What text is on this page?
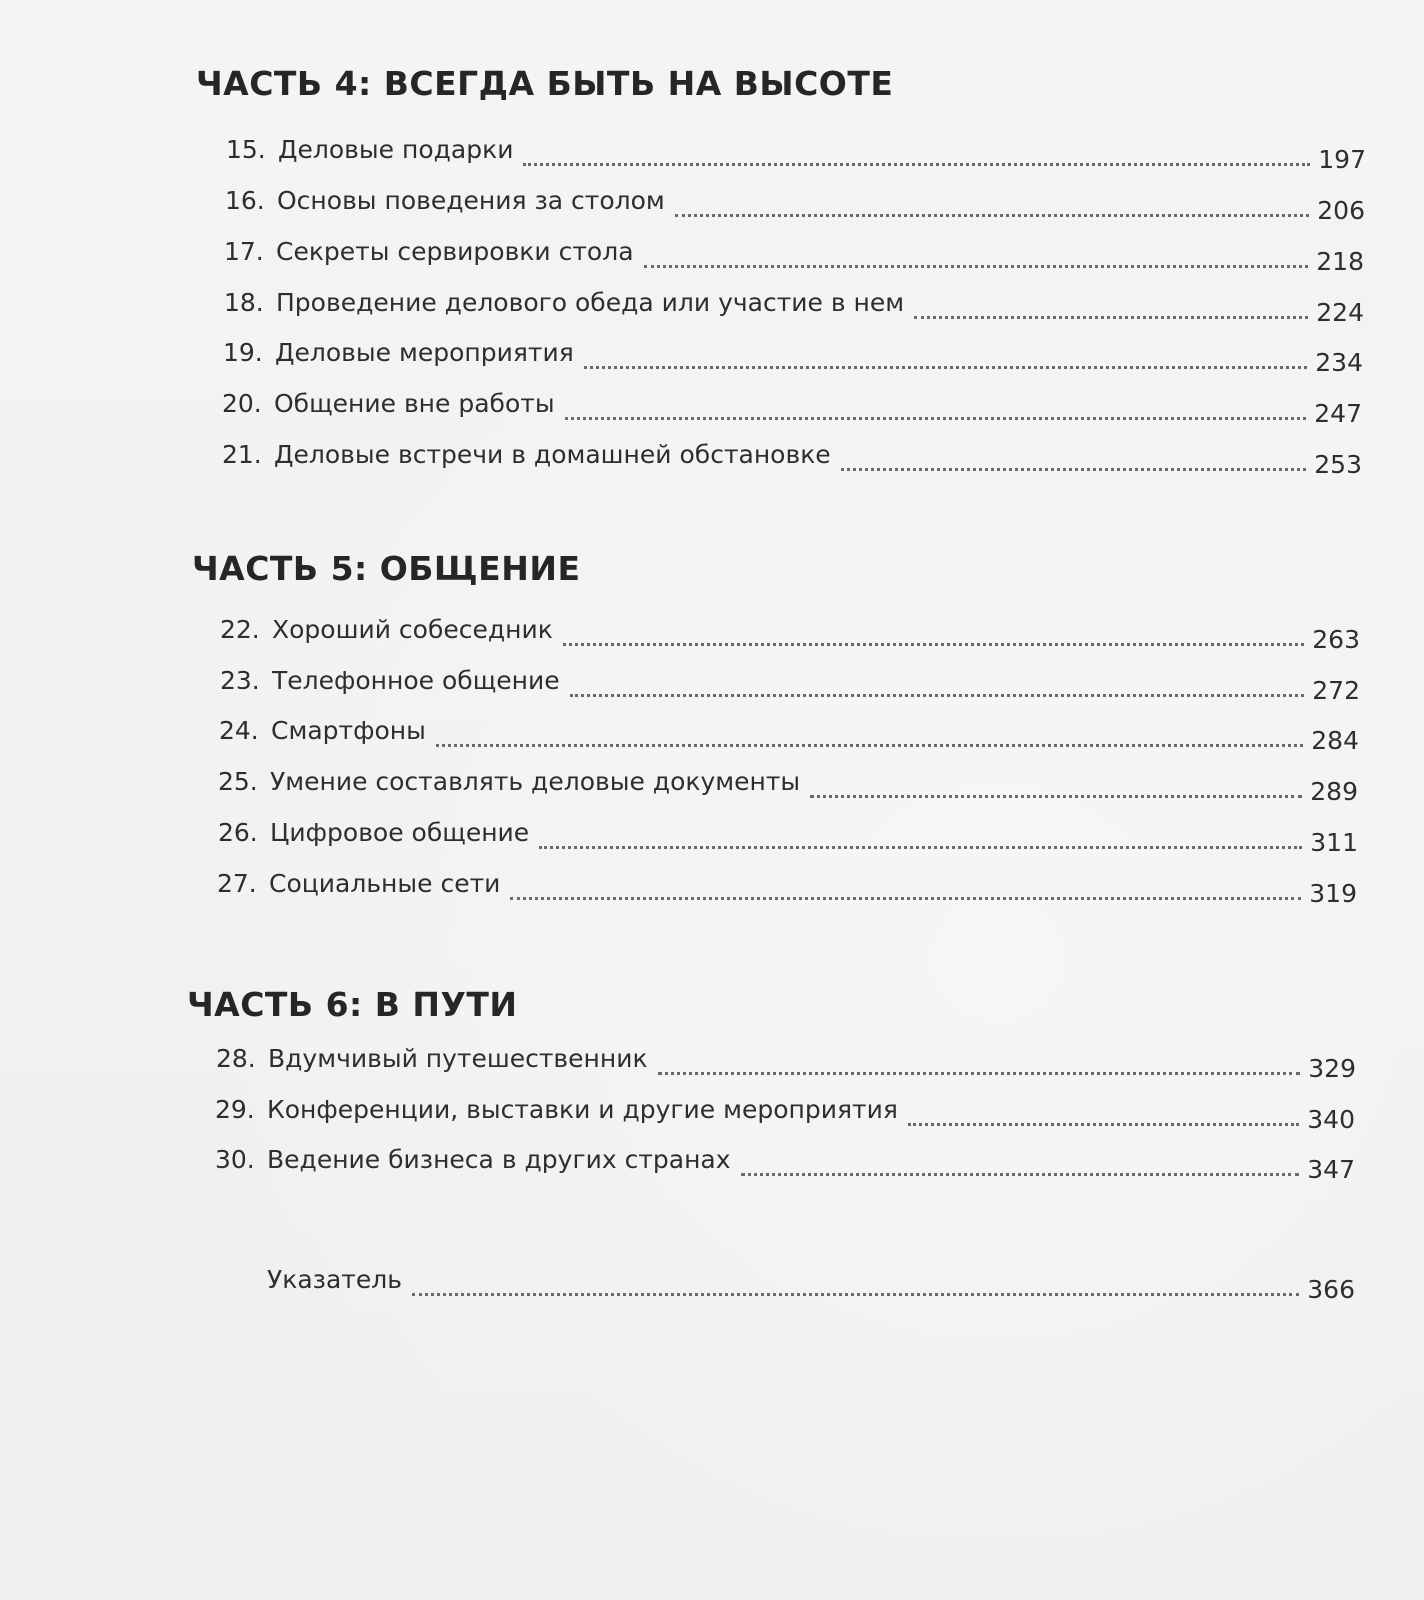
ЧАСТЬ 4: ВСЕГДА БЫТЬ НА ВЫСОТЕ
15. Деловые подарки	197
16. Основы поведения за столом	206
17. Секреты сервировки стола	218
18. Проведение делового обеда или участие в нем	224
19. Деловые мероприятия	234
20. Общение вне работы	247
21. Деловые встречи в домашней обстановке	253
ЧАСТЬ 5: ОБЩЕНИЕ
22. Хороший собеседник	263
23. Телефонное общение	272
24. Смартфоны	284
25. Умение составлять деловые документы	289
26. Цифровое общение	311
27. Социальные сети	319
ЧАСТЬ 6: В ПУТИ
28. Вдумчивый путешественник	329
29. Конференции, выставки и другие мероприятия	340
30. Ведение бизнеса в других странах	347
Указатель	366
